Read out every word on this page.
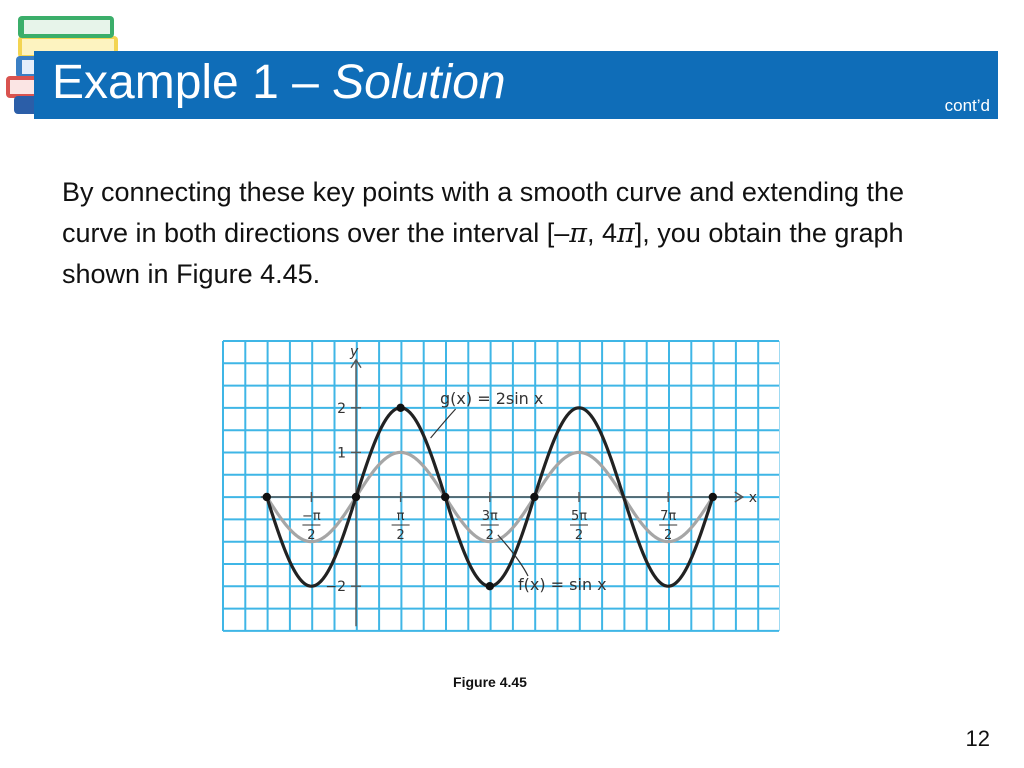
Example 1 – Solution	cont’d
By connecting these key points with a smooth curve and extending the curve in both directions over the interval [–π, 4π], you obtain the graph shown in Figure 4.45.
x
y
2
1
−2
−π
2
π
2
3π
2
5π
2
7π
2
g(x) = 2sin x
f(x) = sin x
Figure 4.45
12
